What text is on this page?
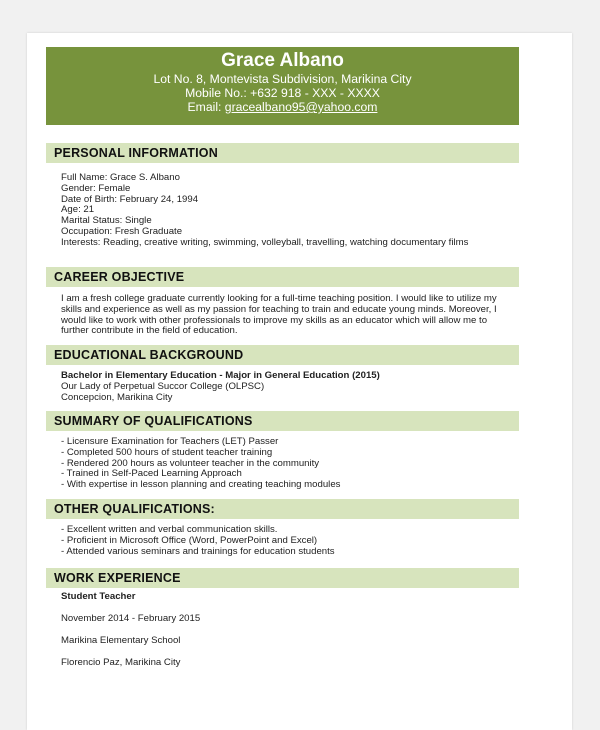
Grace Albano
Lot No. 8, Montevista Subdivision, Marikina City
Mobile No.: +632 918 - XXX - XXXX
Email: gracealbano95@yahoo.com
PERSONAL INFORMATION
Full Name: Grace S. Albano
Gender: Female
Date of Birth: February 24, 1994
Age: 21
Marital Status: Single
Occupation: Fresh Graduate
Interests: Reading, creative writing, swimming, volleyball, travelling, watching documentary films
CAREER OBJECTIVE
I am a fresh college graduate currently looking for a full-time teaching position. I would like to utilize my skills and experience as well as my passion for teaching to train and educate young minds. Moreover, I would like to work with other professionals to improve my skills as an educator which will allow me to further contribute in the field of education.
EDUCATIONAL BACKGROUND
Bachelor in Elementary Education - Major in General Education (2015)
Our Lady of Perpetual Succor College (OLPSC)
Concepcion, Marikina City
SUMMARY OF QUALIFICATIONS
- Licensure Examination for Teachers (LET) Passer
- Completed 500 hours of student teacher training
- Rendered 200 hours as volunteer teacher in the community
- Trained in Self-Paced Learning Approach
- With expertise in lesson planning and creating teaching modules
OTHER QUALIFICATIONS:
- Excellent written and verbal communication skills.
- Proficient in Microsoft Office (Word, PowerPoint and Excel)
- Attended various seminars and trainings for education students
WORK EXPERIENCE
Student Teacher
November 2014 - February 2015
Marikina Elementary School
Florencio Paz, Marikina City
